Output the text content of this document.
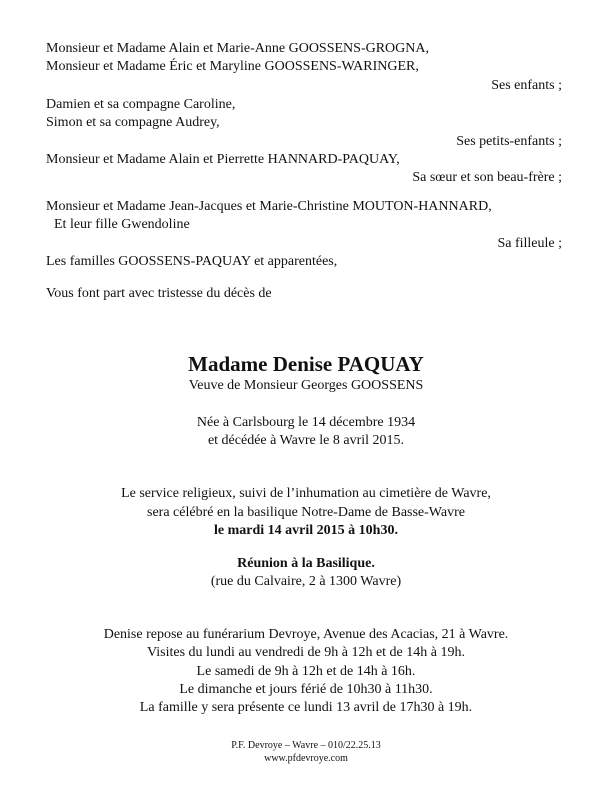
Monsieur et Madame Alain et Marie-Anne GOOSSENS-GROGNA,
Monsieur et Madame Éric et Maryline GOOSSENS-WARINGER,
Ses enfants ;
Damien et sa compagne Caroline,
Simon et sa compagne Audrey,
Ses petits-enfants ;
Monsieur et Madame Alain et Pierrette HANNARD-PAQUAY,
Sa sœur et son beau-frère ;
Monsieur et Madame Jean-Jacques et Marie-Christine MOUTON-HANNARD,
Et leur fille Gwendoline
Sa filleule ;
Les familles GOOSSENS-PAQUAY et apparentées,
Vous font part avec tristesse du décès de
Madame Denise PAQUAY
Veuve de Monsieur Georges GOOSSENS
Née à Carlsbourg le 14 décembre 1934
et décédée à Wavre le 8 avril 2015.
Le service religieux, suivi de l’inhumation au cimetière de Wavre,
sera célébré en la basilique Notre-Dame de Basse-Wavre
le mardi 14 avril 2015 à 10h30.
Réunion à la Basilique.
(rue du Calvaire, 2 à 1300 Wavre)
Denise repose au funérarium Devroye, Avenue des Acacias, 21 à Wavre.
Visites du lundi au vendredi de 9h à 12h et de 14h à 19h.
Le samedi de 9h à 12h et de 14h à 16h.
Le dimanche et jours férié de 10h30 à 11h30.
La famille y sera présente ce lundi 13 avril de 17h30 à 19h.
P.F. Devroye – Wavre – 010/22.25.13
www.pfdevroye.com
